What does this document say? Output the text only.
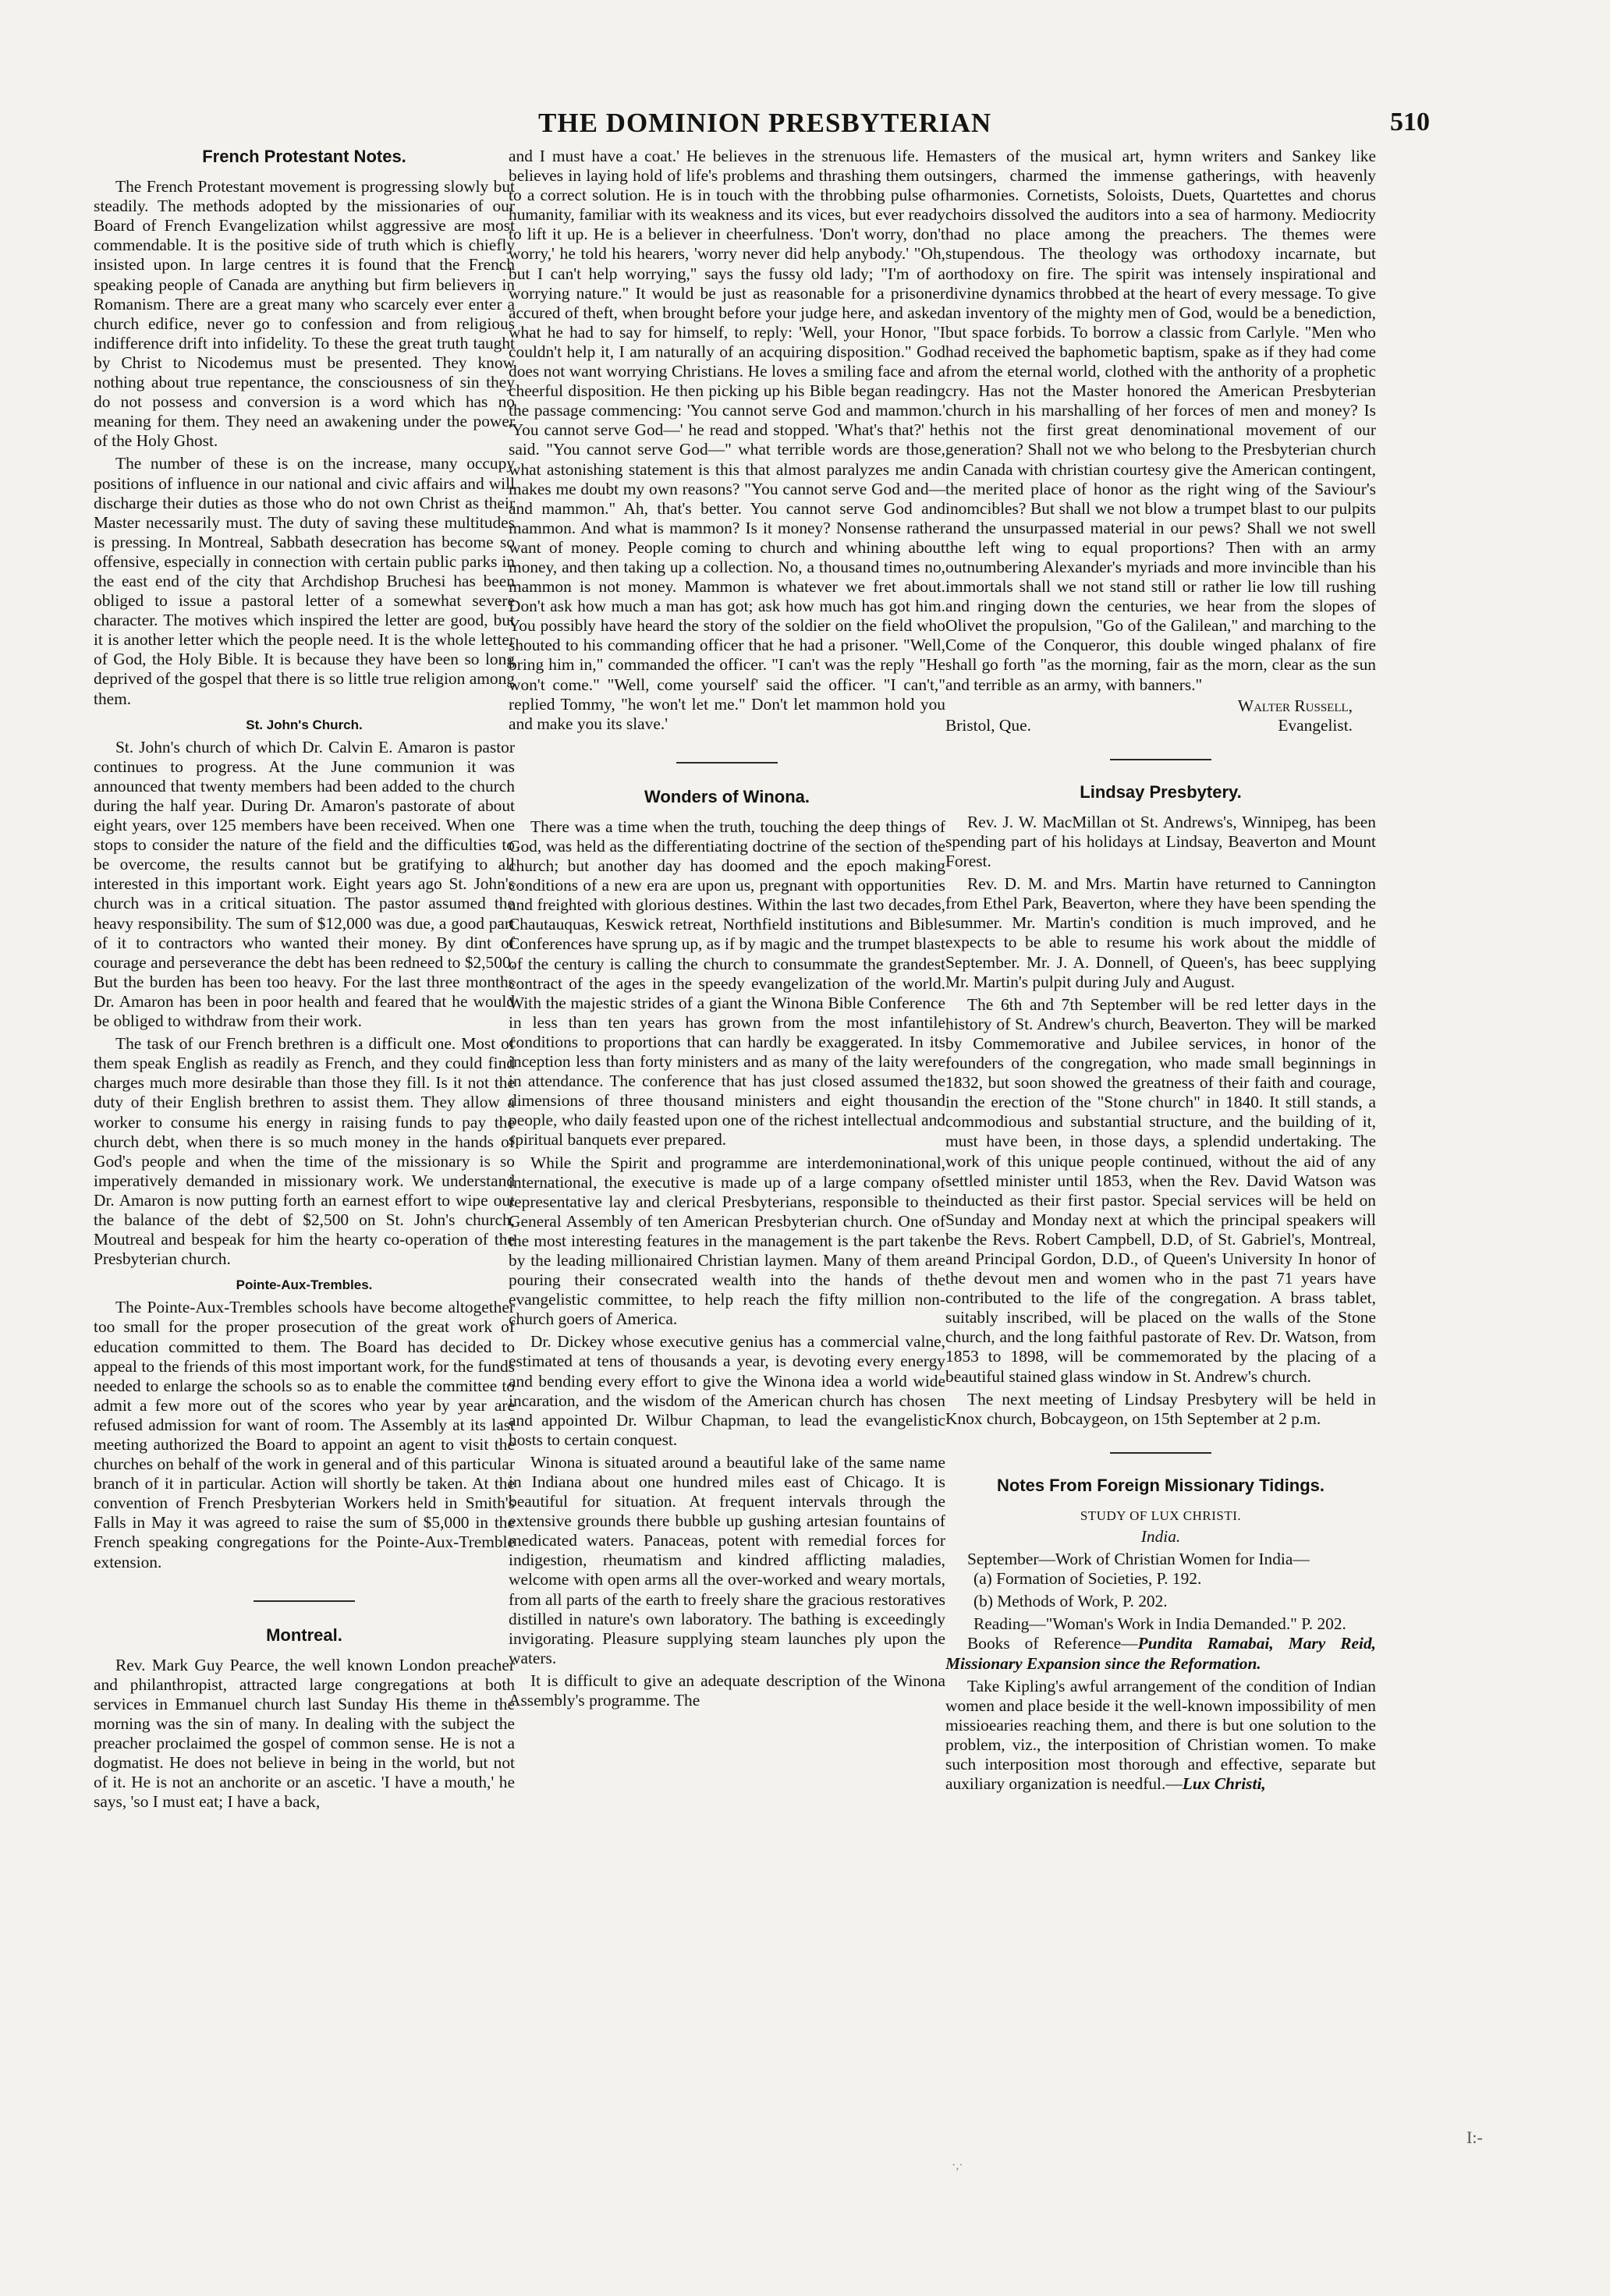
THE DOMINION PRESBYTERIAN	510
French Protestant Notes.

The French Protestant movement is progressing slowly but steadily. The methods adopted by the missionaries of our Board of French Evangelization whilst aggressive are most commendable. It is the positive side of truth which is chiefly insisted upon. In large centres it is found that the French speaking people of Canada are anything but firm believers in Romanism. There are a great many who scarcely ever enter a church edifice, never go to confession and from religious indifference drift into infidelity. To these the great truth taught by Christ to Nicodemus must be presented. They know nothing about true repentance, the consciousness of sin they do not possess and conversion is a word which has no meaning for them. They need an awakening under the power of the Holy Ghost.

The number of these is on the increase, many occupy positions of influence in our national and civic affairs and will discharge their duties as those who do not own Christ as their Master necessarily must. The duty of saving these multitudes is pressing. In Montreal, Sabbath desecration has become so offensive, especially in connection with certain public parks in the east end of the city that Archdishop Bruchesi has been obliged to issue a pastoral letter of a somewhat severe character. The motives which inspired the letter are good, but it is another letter which the people need. It is the whole letter of God, the Holy Bible. It is because they have been so long deprived of the gospel that there is so little true religion among them.

St. John's Church.

St. John's church of which Dr. Calvin E. Amaron is pastor continues to progress. At the June communion it was announced that twenty members had been added to the church during the half year. During Dr. Amaron's pastorate of about eight years, over 125 members have been received. When one stops to consider the nature of the field and the difficulties to be overcome, the results cannot but be gratifying to all interested in this important work. Eight years ago St. John's church was in a critical situation. The pastor assumed the heavy responsibility. The sum of $12,000 was due, a good part of it to contractors who wanted their money. By dint of courage and perseverance the debt has been redneed to $2,500. But the burden has been too heavy. For the last three months Dr. Amaron has been in poor health and feared that he would be obliged to withdraw from their work.

The task of our French brethren is a difficult one. Most of them speak English as readily as French, and they could find charges much more desirable than those they fill. Is it not the duty of their English brethren to assist them. They allow a worker to consume his energy in raising funds to pay the church debt, when there is so much money in the hands of God's people and when the time of the missionary is so imperatively demanded in missionary work. We understand Dr. Amaron is now putting forth an earnest effort to wipe out the balance of the debt of $2,500 on St. John's church, Moutreal and bespeak for him the hearty co-operation of the Presbyterian church.

Pointe-Aux-Trembles.

The Pointe-Aux-Trembles schools have become altogether too small for the proper prosecution of the great work of education committed to them. The Board has decided to appeal to the friends of this most important work, for the funds needed to enlarge the schools so as to enable the committee to admit a few more out of the scores who year by year are refused admission for want of room. The Assembly at its last meeting authorized the Board to appoint an agent to visit the churches on behalf of the work in general and of this particular branch of it in particular. Action will shortly be taken. At the convention of French Presbyterian Workers held in Smith's Falls in May it was agreed to raise the sum of $5,000 in the French speaking congregations for the Pointe-Aux-Tremble extension.

Montreal.

Rev. Mark Guy Pearce, the well known London preacher and philanthropist, attracted large congregations at both services in Emmanuel church last Sunday His theme in the morning was the sin of many. In dealing with the subject the preacher proclaimed the gospel of common sense. He is not a dogmatist. He does not believe in being in the world, but not of it. He is not an anchorite or an ascetic. 'I have a mouth,' he says, 'so I must eat; I have a back,

and I must have a coat.' He believes in the strenuous life. He believes in laying hold of life's problems and thrashing them out to a correct solution. He is in touch with the throbbing pulse of humanity, familiar with its weakness and its vices, but ever ready to lift it up. He is a believer in cheerfulness. 'Don't worry, don't worry,' he told his hearers, 'worry never did help anybody.' "Oh, but I can't help worrying," says the fussy old lady; "I'm of a worrying nature." It would be just as reasonable for a prisoner accured of theft, when brought before your judge here, and asked what he had to say for himself, to reply: 'Well, your Honor, "I couldn't help it, I am naturally of an acquiring disposition." God does not want worrying Christians. He loves a smiling face and a cheerful disposition. He then picking up his Bible began reading the passage commencing: 'You cannot serve God and mammon.' 'You cannot serve God—' he read and stopped. 'What's that?' he said. "You cannot serve God—" what terrible words are those, what astonishing statement is this that almost paralyzes me and makes me doubt my own reasons? "You cannot serve God and—and mammon." Ah, that's better. You cannot serve God and mammon. And what is mammon? Is it money? Nonsense rather want of money. People coming to church and whining about money, and then taking up a collection. No, a thousand times no, mammon is not money. Mammon is whatever we fret about. Don't ask how much a man has got; ask how much has got him. You possibly have heard the story of the soldier on the field who shouted to his commanding officer that he had a prisoner. "Well, bring him in," commanded the officer. "I can't was the reply "He won't come." "Well, come yourself' said the officer. "I can't," replied Tommy, "he won't let me." Don't let mammon hold you and make you its slave.'

Wonders of Winona.

There was a time when the truth, touching the deep things of God, was held as the differentiating doctrine of the section of the church; but another day has doomed and the epoch making conditions of a new era are upon us, pregnant with opportunities and freighted with glorious destines. Within the last two decades, Chautauquas, Keswick retreat, Northfield institutions and Bible Conferences have sprung up, as if by magic and the trumpet blast of the century is calling the church to consummate the grandest contract of the ages in the speedy evangelization of the world. With the majestic strides of a giant the Winona Bible Conference in less than ten years has grown from the most infantile conditions to proportions that can hardly be exaggerated. In its inception less than forty ministers and as many of the laity were in attendance. The conference that has just closed assumed the dimensions of three thousand ministers and eight thousand people, who daily feasted upon one of the richest intellectual and spiritual banquets ever prepared.

While the Spirit and programme are interdemoninational, international, the executive is made up of a large company of representative lay and clerical Presbyterians, responsible to the General Assembly of ten American Presbyterian church. One of the most interesting features in the management is the part taken by the leading millionaired Christian laymen. Many of them are pouring their consecrated wealth into the hands of the evangelistic committee, to help reach the fifty million non-church goers of America.

Dr. Dickey whose executive genius has a commercial valne, estimated at tens of thousands a year, is devoting every energy and bending every effort to give the Winona idea a world wide incaration, and the wisdom of the American church has chosen and appointed Dr. Wilbur Chapman, to lead the evangelistic hosts to certain conquest.

Winona is situated around a beautiful lake of the same name in Indiana about one hundred miles east of Chicago. It is beautiful for situation. At frequent intervals through the extensive grounds there bubble up gushing artesian fountains of medicated waters. Panaceas, potent with remedial forces for indigestion, rheumatism and kindred afflicting maladies, welcome with open arms all the over-worked and weary mortals, from all parts of the earth to freely share the gracious restoratives distilled in nature's own laboratory. The bathing is exceedingly invigorating. Pleasure supplying steam launches ply upon the waters.

It is difficult to give an adequate description of the Winona Assembly's programme. The

masters of the musical art, hymn writers and Sankey like singers, charmed the immense gatherings, with heavenly harmonies. Cornetists, Soloists, Duets, Quartettes and chorus choirs dissolved the auditors into a sea of harmony. Mediocrity had no place among the preachers. The themes were stupendous. The theology was orthodoxy incarnate, but orthodoxy on fire. The spirit was intensely inspirational and divine dynamics throbbed at the heart of every message. To give an inventory of the mighty men of God, would be a benediction, but space forbids. To borrow a classic from Carlyle. "Men who had received the baphometic baptism, spake as if they had come from the eternal world, clothed with the anthority of a prophetic cry. Has not the Master honored the American Presbyterian church in his marshalling of her forces of men and money? Is this not the first great denominational movement of our generation? Shall not we who belong to the Presbyterian church in Canada with christian courtesy give the American contingent, the merited place of honor as the right wing of the Saviour's inomcibles? But shall we not blow a trumpet blast to our pulpits and the unsurpassed material in our pews? Shall we not swell the left wing to equal proportions? Then with an army outnumbering Alexander's myriads and more invincible than his immortals shall we not stand still or rather lie low till rushing and ringing down the centuries, we hear from the slopes of Olivet the propulsion, "Go of the Galilean," and marching to the Come of the Conqueror, this double winged phalanx of fire shall go forth "as the morning, fair as the morn, clear as the sun and terrible as an army, with banners."

Walter Russell,
Bristol, Que.	Evangelist.
Lindsay Presbytery.

Rev. J. W. MacMillan ot St. Andrews's, Winnipeg, has been spending part of his holidays at Lindsay, Beaverton and Mount Forest.

Rev. D. M. and Mrs. Martin have returned to Cannington from Ethel Park, Beaverton, where they have been spending the summer. Mr. Martin's condition is much improved, and he expects to be able to resume his work about the middle of September. Mr. J. A. Donnell, of Queen's, has beec supplying Mr. Martin's pulpit during July and August.

The 6th and 7th September will be red letter days in the history of St. Andrew's church, Beaverton. They will be marked by Commemorative and Jubilee services, in honor of the founders of the congregation, who made small beginnings in 1832, but soon showed the greatness of their faith and courage, in the erection of the "Stone church" in 1840. It still stands, a commodious and substantial structure, and the building of it, must have been, in those days, a splendid undertaking. The work of this unique people continued, without the aid of any settled minister until 1853, when the Rev. David Watson was inducted as their first pastor. Special services will be held on Sunday and Monday next at which the principal speakers will be the Revs. Robert Campbell, D.D, of St. Gabriel's, Montreal, and Principal Gordon, D.D., of Queen's University In honor of the devout men and women who in the past 71 years have contributed to the life of the congregation. A brass tablet, suitably inscribed, will be placed on the walls of the Stone church, and the long faithful pastorate of Rev. Dr. Watson, from 1853 to 1898, will be commemorated by the placing of a beautiful stained glass window in St. Andrew's church.

The next meeting of Lindsay Presbytery will be held in Knox church, Bobcaygeon, on 15th September at 2 p.m.

Notes From Foreign Missionary Tidings.
STUDY OF LUX CHRISTI.
India.

September—Work of Christian Women for India—

(a) Formation of Societies, P. 192.

(b) Methods of Work, P. 202.

Reading—"Woman's Work in India Demanded." P. 202.

Books of Reference—Pundita Ramabai, Mary Reid, Missionary Expansion since the Reformation.

Take Kipling's awful arrangement of the condition of Indian women and place beside it the well-known impossibility of men missioearies reaching them, and there is but one solution to the problem, viz., the interposition of Christian women. To make such interposition most thorough and effective, separate but auxiliary organization is needful.—Lux Christi,

·,·
I:-
